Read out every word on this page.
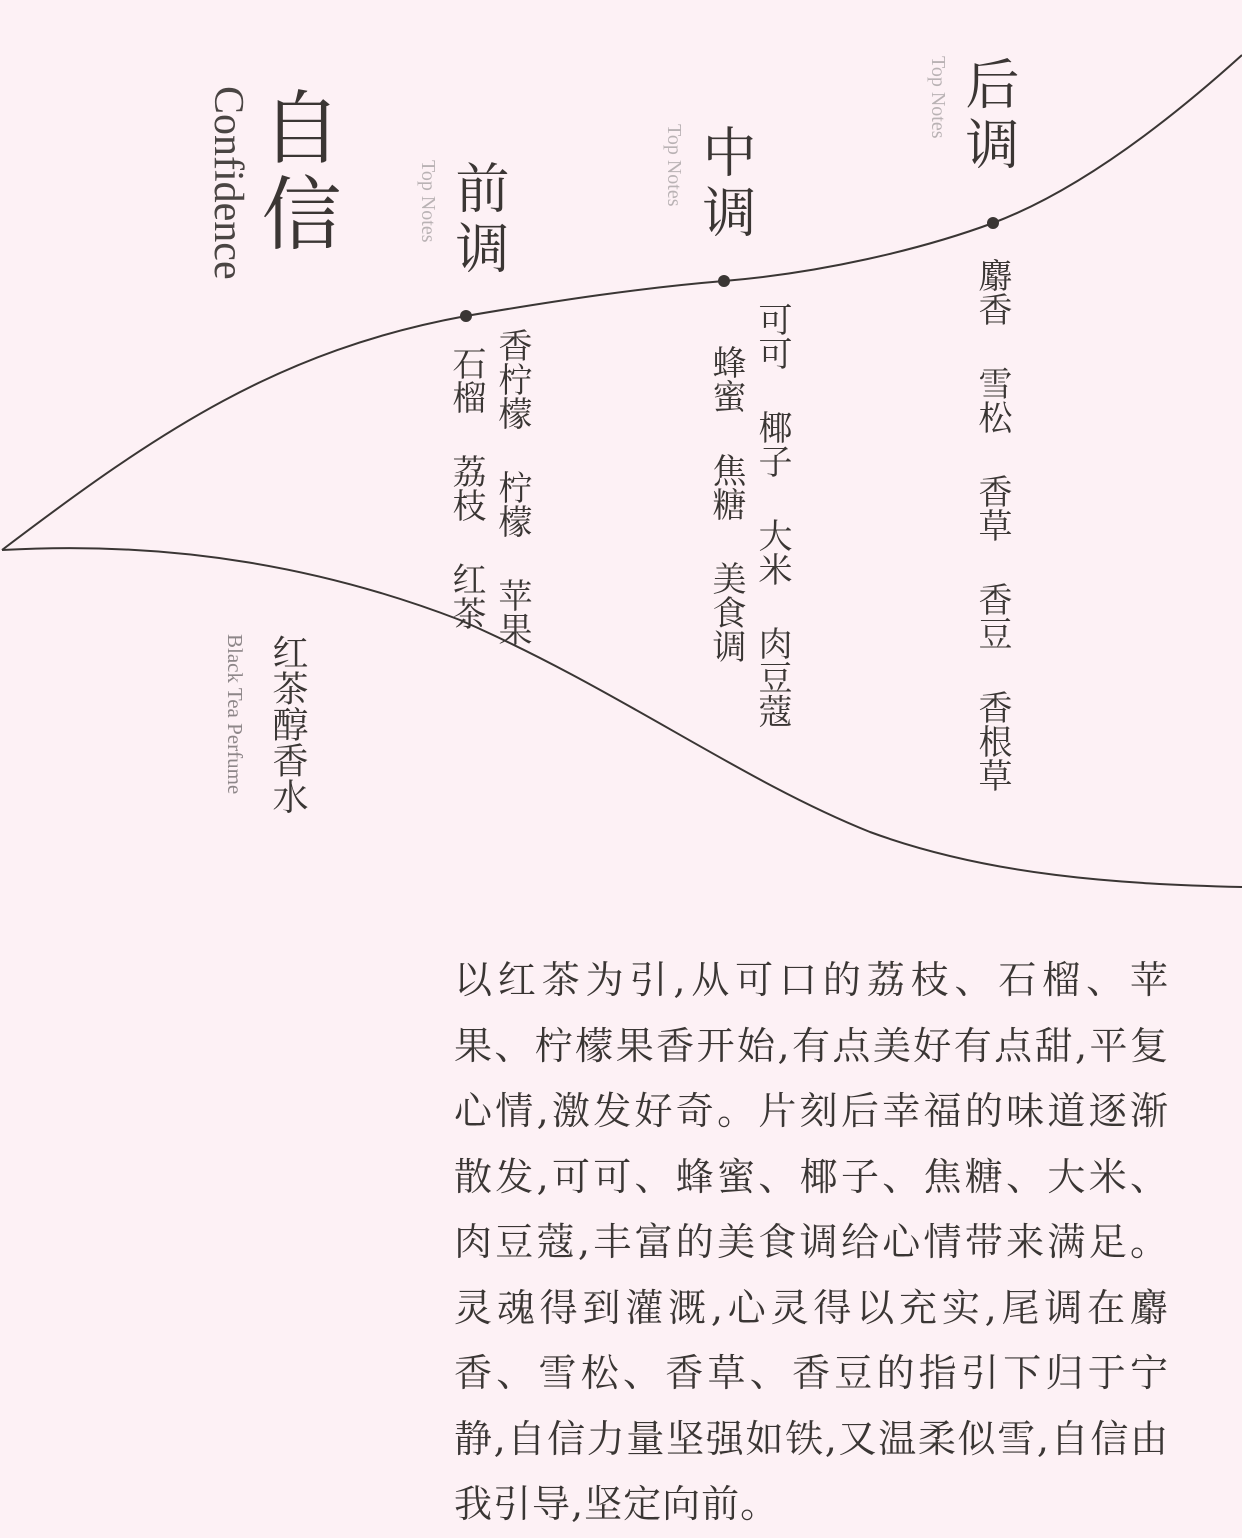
自信
Confidence	前调
Top Notes
香柠檬 柠檬 苹果
石榴 荔枝 红茶
中调
Top Notes
可可 椰子 大米 肉豆蔻
蜂蜜 焦糖 美食调
后调
Top Notes
麝香 雪松 香草 香豆 香根草
红茶醇香水
Black Tea Perfume
以红茶为引,从可口的荔枝、石榴、苹果、柠檬果香开始,有点美好有点甜,平复心情,激发好奇。片刻后幸福的味道逐渐散发,可可、蜂蜜、椰子、焦糖、大米、肉豆蔻,丰富的美食调给心情带来满足。灵魂得到灌溉,心灵得以充实,尾调在麝香、雪松、香草、香豆的指引下归于宁静,自信力量坚强如铁,又温柔似雪,自信由我引导,坚定向前。
